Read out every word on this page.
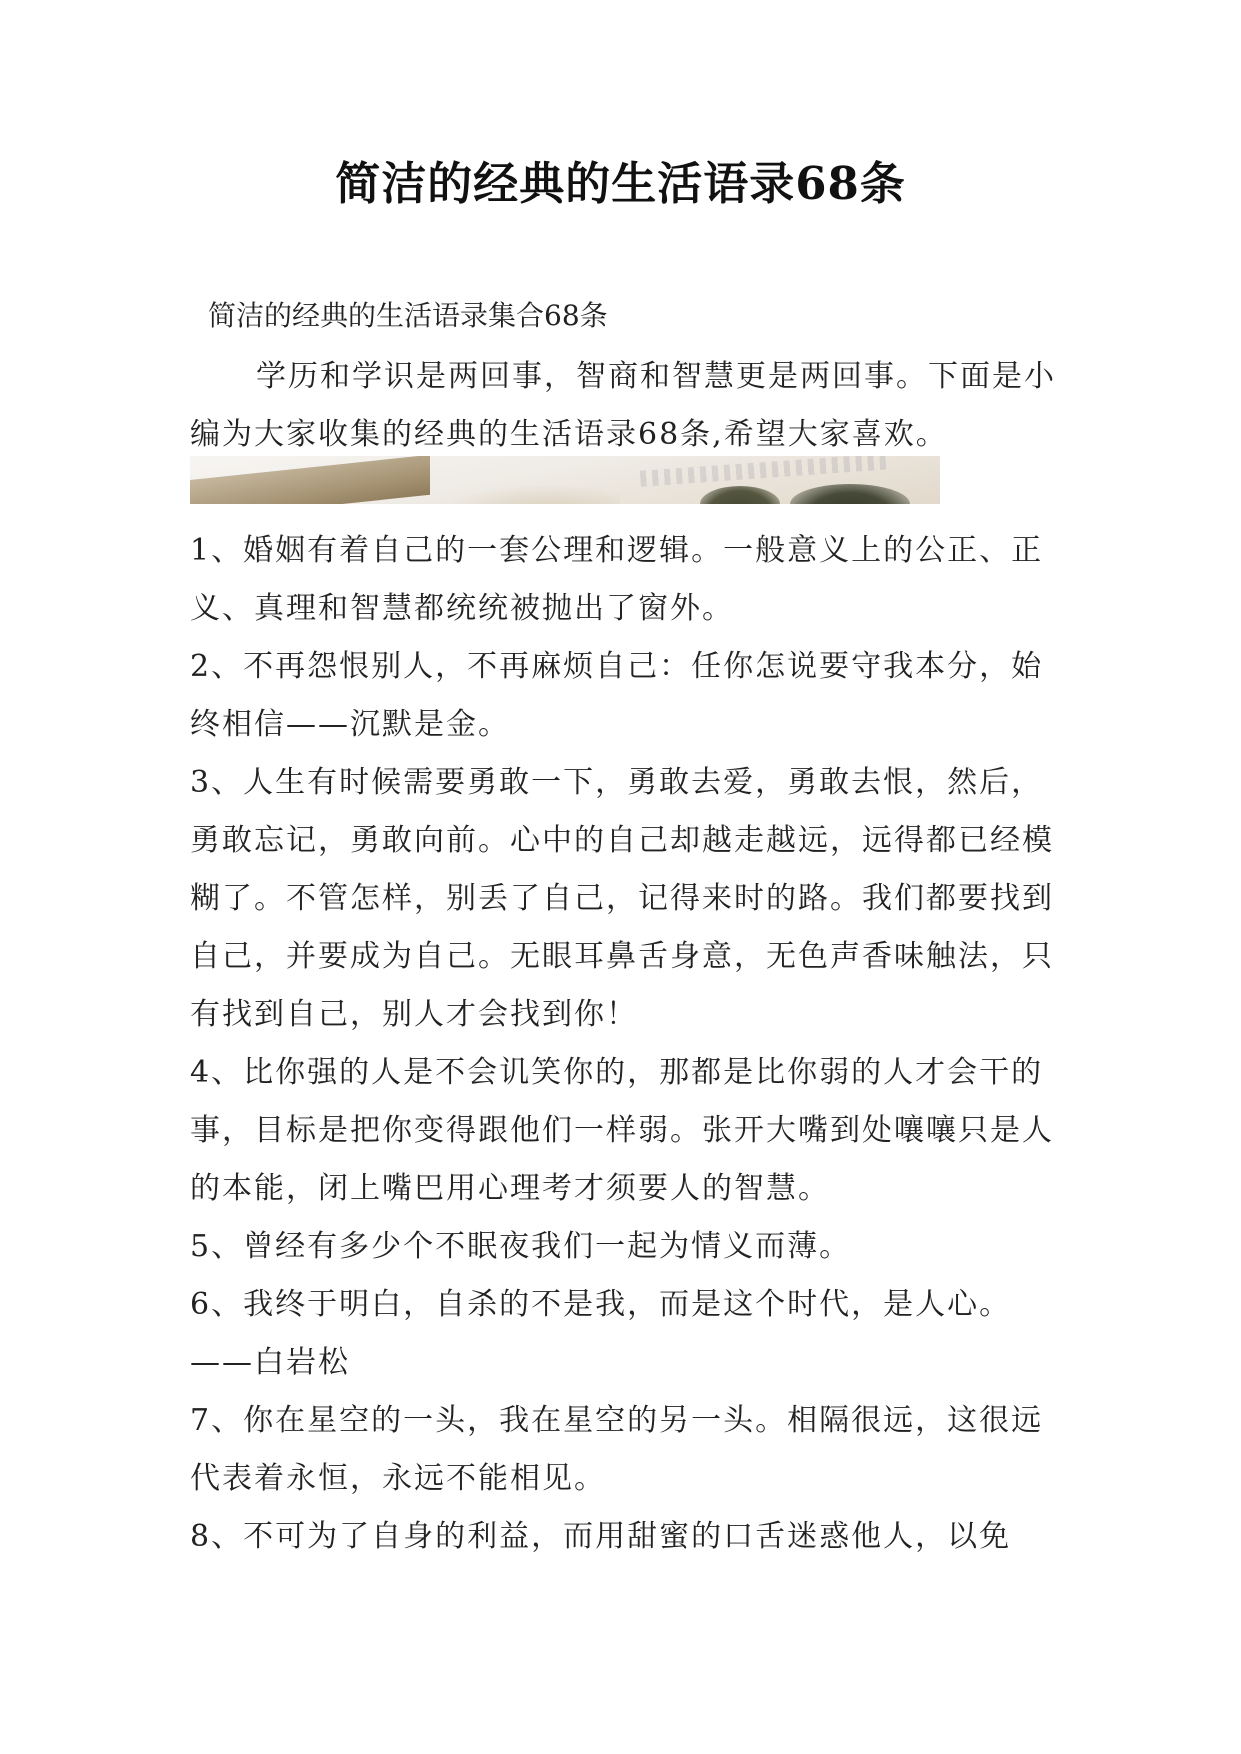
简洁的经典的生活语录68条

简洁的经典的生活语录集合68条

学历和学识是两回事，智商和智慧更是两回事。下面是小编为大家收集的经典的生活语录68条,希望大家喜欢。

1、婚姻有着自己的一套公理和逻辑。一般意义上的公正、正义、真理和智慧都统统被抛出了窗外。
2、不再怨恨别人，不再麻烦自己：任你怎说要守我本分，始终相信——沉默是金。
3、人生有时候需要勇敢一下，勇敢去爱，勇敢去恨，然后，勇敢忘记，勇敢向前。心中的自己却越走越远，远得都已经模糊了。不管怎样，别丢了自己，记得来时的路。我们都要找到自己，并要成为自己。无眼耳鼻舌身意，无色声香味触法，只有找到自己，别人才会找到你！
4、比你强的人是不会讥笑你的，那都是比你弱的人才会干的事，目标是把你变得跟他们一样弱。张开大嘴到处嚷嚷只是人的本能，闭上嘴巴用心理考才须要人的智慧。
5、曾经有多少个不眠夜我们一起为情义而薄。
6、我终于明白，自杀的不是我，而是这个时代，是人心。——白岩松
7、你在星空的一头，我在星空的另一头。相隔很远，这很远代表着永恒，永远不能相见。
8、不可为了自身的利益，而用甜蜜的口舌迷惑他人，以免
